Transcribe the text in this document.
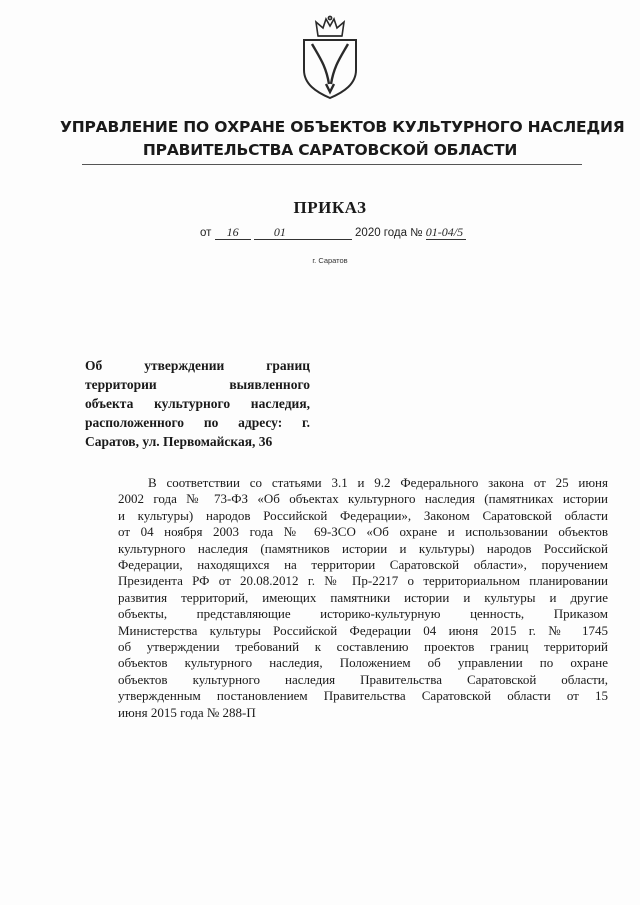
УПРАВЛЕНИЕ ПО ОХРАНЕ ОБЪЕКТОВ КУЛЬТУРНОГО НАСЛЕДИЯ
ПРАВИТЕЛЬСТВА САРАТОВСКОЙ ОБЛАСТИ
ПРИКАЗ
от 16	01	2020 года № 01-04/5
г. Саратов
Об утверждении границ
территории выявленного
объекта культурного наследия,
расположенного по адресу: г.
Саратов, ул. Первомайская, 36
В соответствии со статьями 3.1 и 9.2 Федерального закона от 25 июня
2002 года № 73-ФЗ «Об объектах культурного наследия (памятниках истории
и культуры) народов Российской Федерации», Законом Саратовской области
от 04 ноября 2003 года № 69-ЗСО «Об охране и использовании объектов
культурного наследия (памятников истории и культуры) народов Российской
Федерации, находящихся на территории Саратовской области», поручением
Президента РФ от 20.08.2012 г. № Пр-2217 о территориальном планировании
развития территорий, имеющих памятники истории и культуры и другие
объекты, представляющие историко-культурную ценность, Приказом
Министерства культуры Российской Федерации 04 июня 2015 г. № 1745
об утверждении требований к составлению проектов границ территорий
объектов культурного наследия, Положением об управлении по охране
объектов культурного наследия Правительства Саратовской области,
утвержденным постановлением Правительства Саратовской области от 15
июня 2015 года № 288-П
